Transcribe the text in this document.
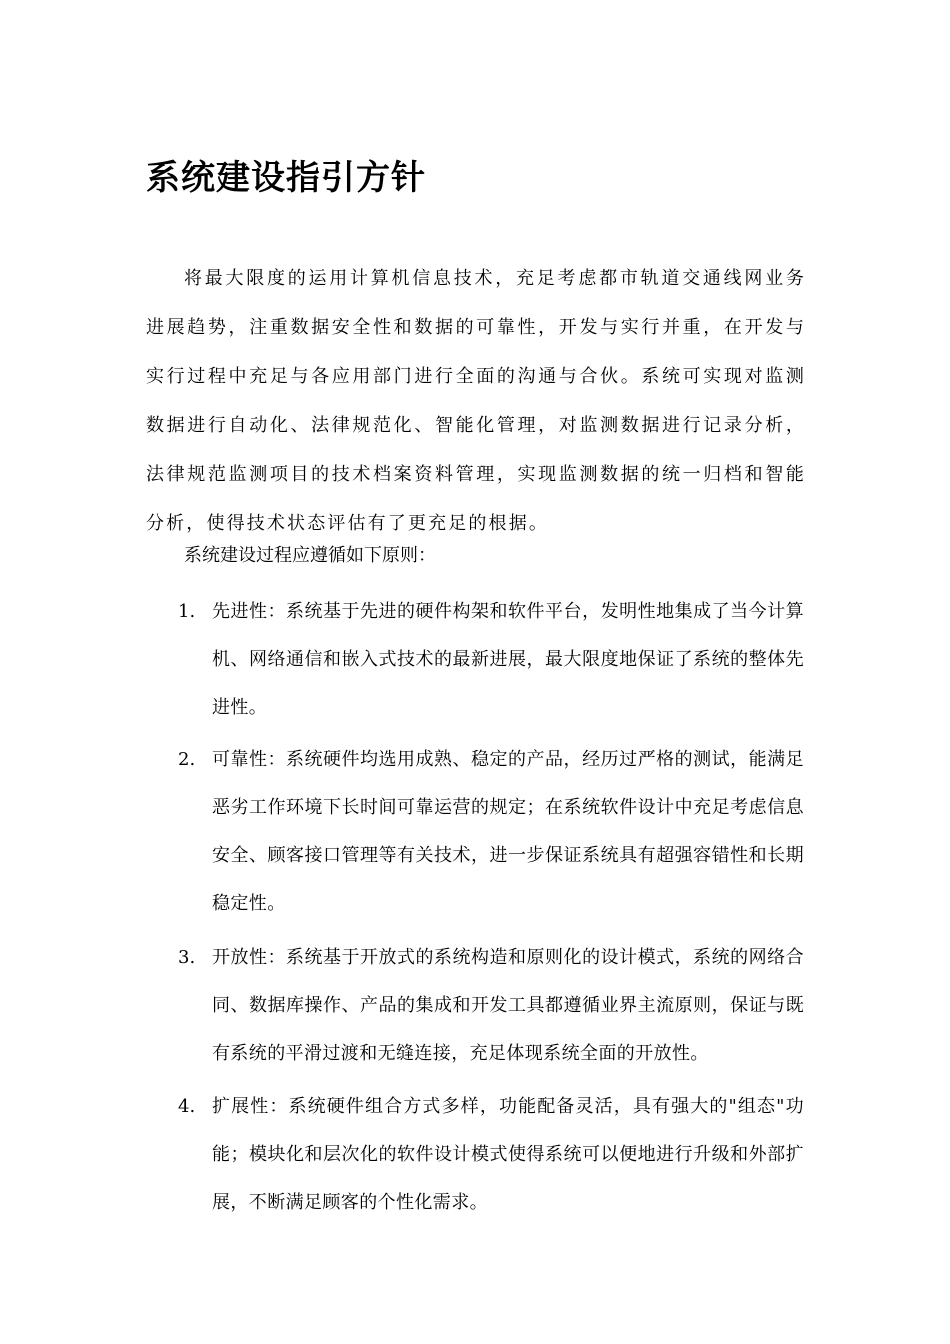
系统建设指引方针

将最大限度的运用计算机信息技术，充足考虑都市轨道交通线网业务进展趋势，注重数据安全性和数据的可靠性，开发与实行并重，在开发与实行过程中充足与各应用部门进行全面的沟通与合伙。系统可实现对监测数据进行自动化、法律规范化、智能化管理，对监测数据进行记录分析，法律规范监测项目的技术档案资料管理，实现监测数据的统一归档和智能分析，使得技术状态评估有了更充足的根据。

系统建设过程应遵循如下原则：

1. 先进性：系统基于先进的硬件构架和软件平台，发明性地集成了当今计算机、网络通信和嵌入式技术的最新进展，最大限度地保证了系统的整体先进性。

2. 可靠性：系统硬件均选用成熟、稳定的产品，经历过严格的测试，能满足恶劣工作环境下长时间可靠运营的规定；在系统软件设计中充足考虑信息安全、顾客接口管理等有关技术，进一步保证系统具有超强容错性和长期稳定性。

3. 开放性：系统基于开放式的系统构造和原则化的设计模式，系统的网络合同、数据库操作、产品的集成和开发工具都遵循业界主流原则，保证与既有系统的平滑过渡和无缝连接，充足体现系统全面的开放性。

4. 扩展性：系统硬件组合方式多样，功能配备灵活，具有强大的"组态"功能；模块化和层次化的软件设计模式使得系统可以便地进行升级和外部扩展，不断满足顾客的个性化需求。
